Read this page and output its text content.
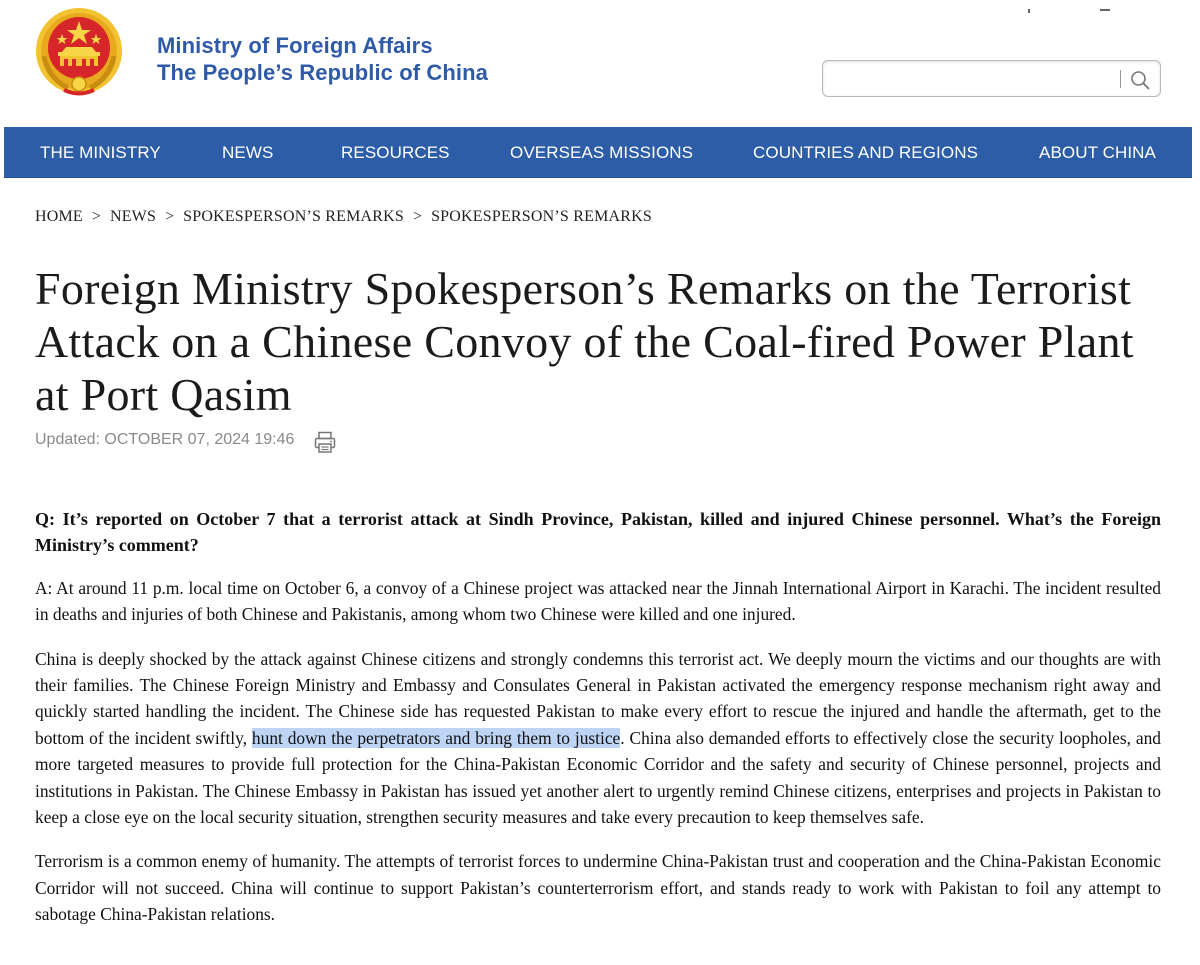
Ministry of Foreign Affairs
The People’s Republic of China
THE MINISTRY	NEWS	RESOURCES	OVERSEAS MISSIONS	COUNTRIES AND REGIONS	ABOUT CHINA
HOME > NEWS > SPOKESPERSON’S REMARKS > SPOKESPERSON’S REMARKS
Foreign Ministry Spokesperson’s Remarks on the Terrorist Attack on a Chinese Convoy of the Coal-fired Power Plant at Port Qasim
Updated: OCTOBER 07, 2024 19:46

Q: It’s reported on October 7 that a terrorist attack at Sindh Province, Pakistan, killed and injured Chinese personnel. What’s the Foreign Ministry’s comment?

A: At around 11 p.m. local time on October 6, a convoy of a Chinese project was attacked near the Jinnah International Airport in Karachi. The incident resulted in deaths and injuries of both Chinese and Pakistanis, among whom two Chinese were killed and one injured.

China is deeply shocked by the attack against Chinese citizens and strongly condemns this terrorist act. We deeply mourn the victims and our thoughts are with their families. The Chinese Foreign Ministry and Embassy and Consulates General in Pakistan activated the emergency response mechanism right away and quickly started handling the incident. The Chinese side has requested Pakistan to make every effort to rescue the injured and handle the aftermath, get to the bottom of the incident swiftly, hunt down the perpetrators and bring them to justice. China also demanded efforts to effectively close the security loopholes, and more targeted measures to provide full protection for the China-Pakistan Economic Corridor and the safety and security of Chinese personnel, projects and institutions in Pakistan. The Chinese Embassy in Pakistan has issued yet another alert to urgently remind Chinese citizens, enterprises and projects in Pakistan to keep a close eye on the local security situation, strengthen security measures and take every precaution to keep themselves safe.

Terrorism is a common enemy of humanity. The attempts of terrorist forces to undermine China-Pakistan trust and cooperation and the China-Pakistan Economic Corridor will not succeed. China will continue to support Pakistan’s counterterrorism effort, and stands ready to work with Pakistan to foil any attempt to sabotage China-Pakistan relations.
